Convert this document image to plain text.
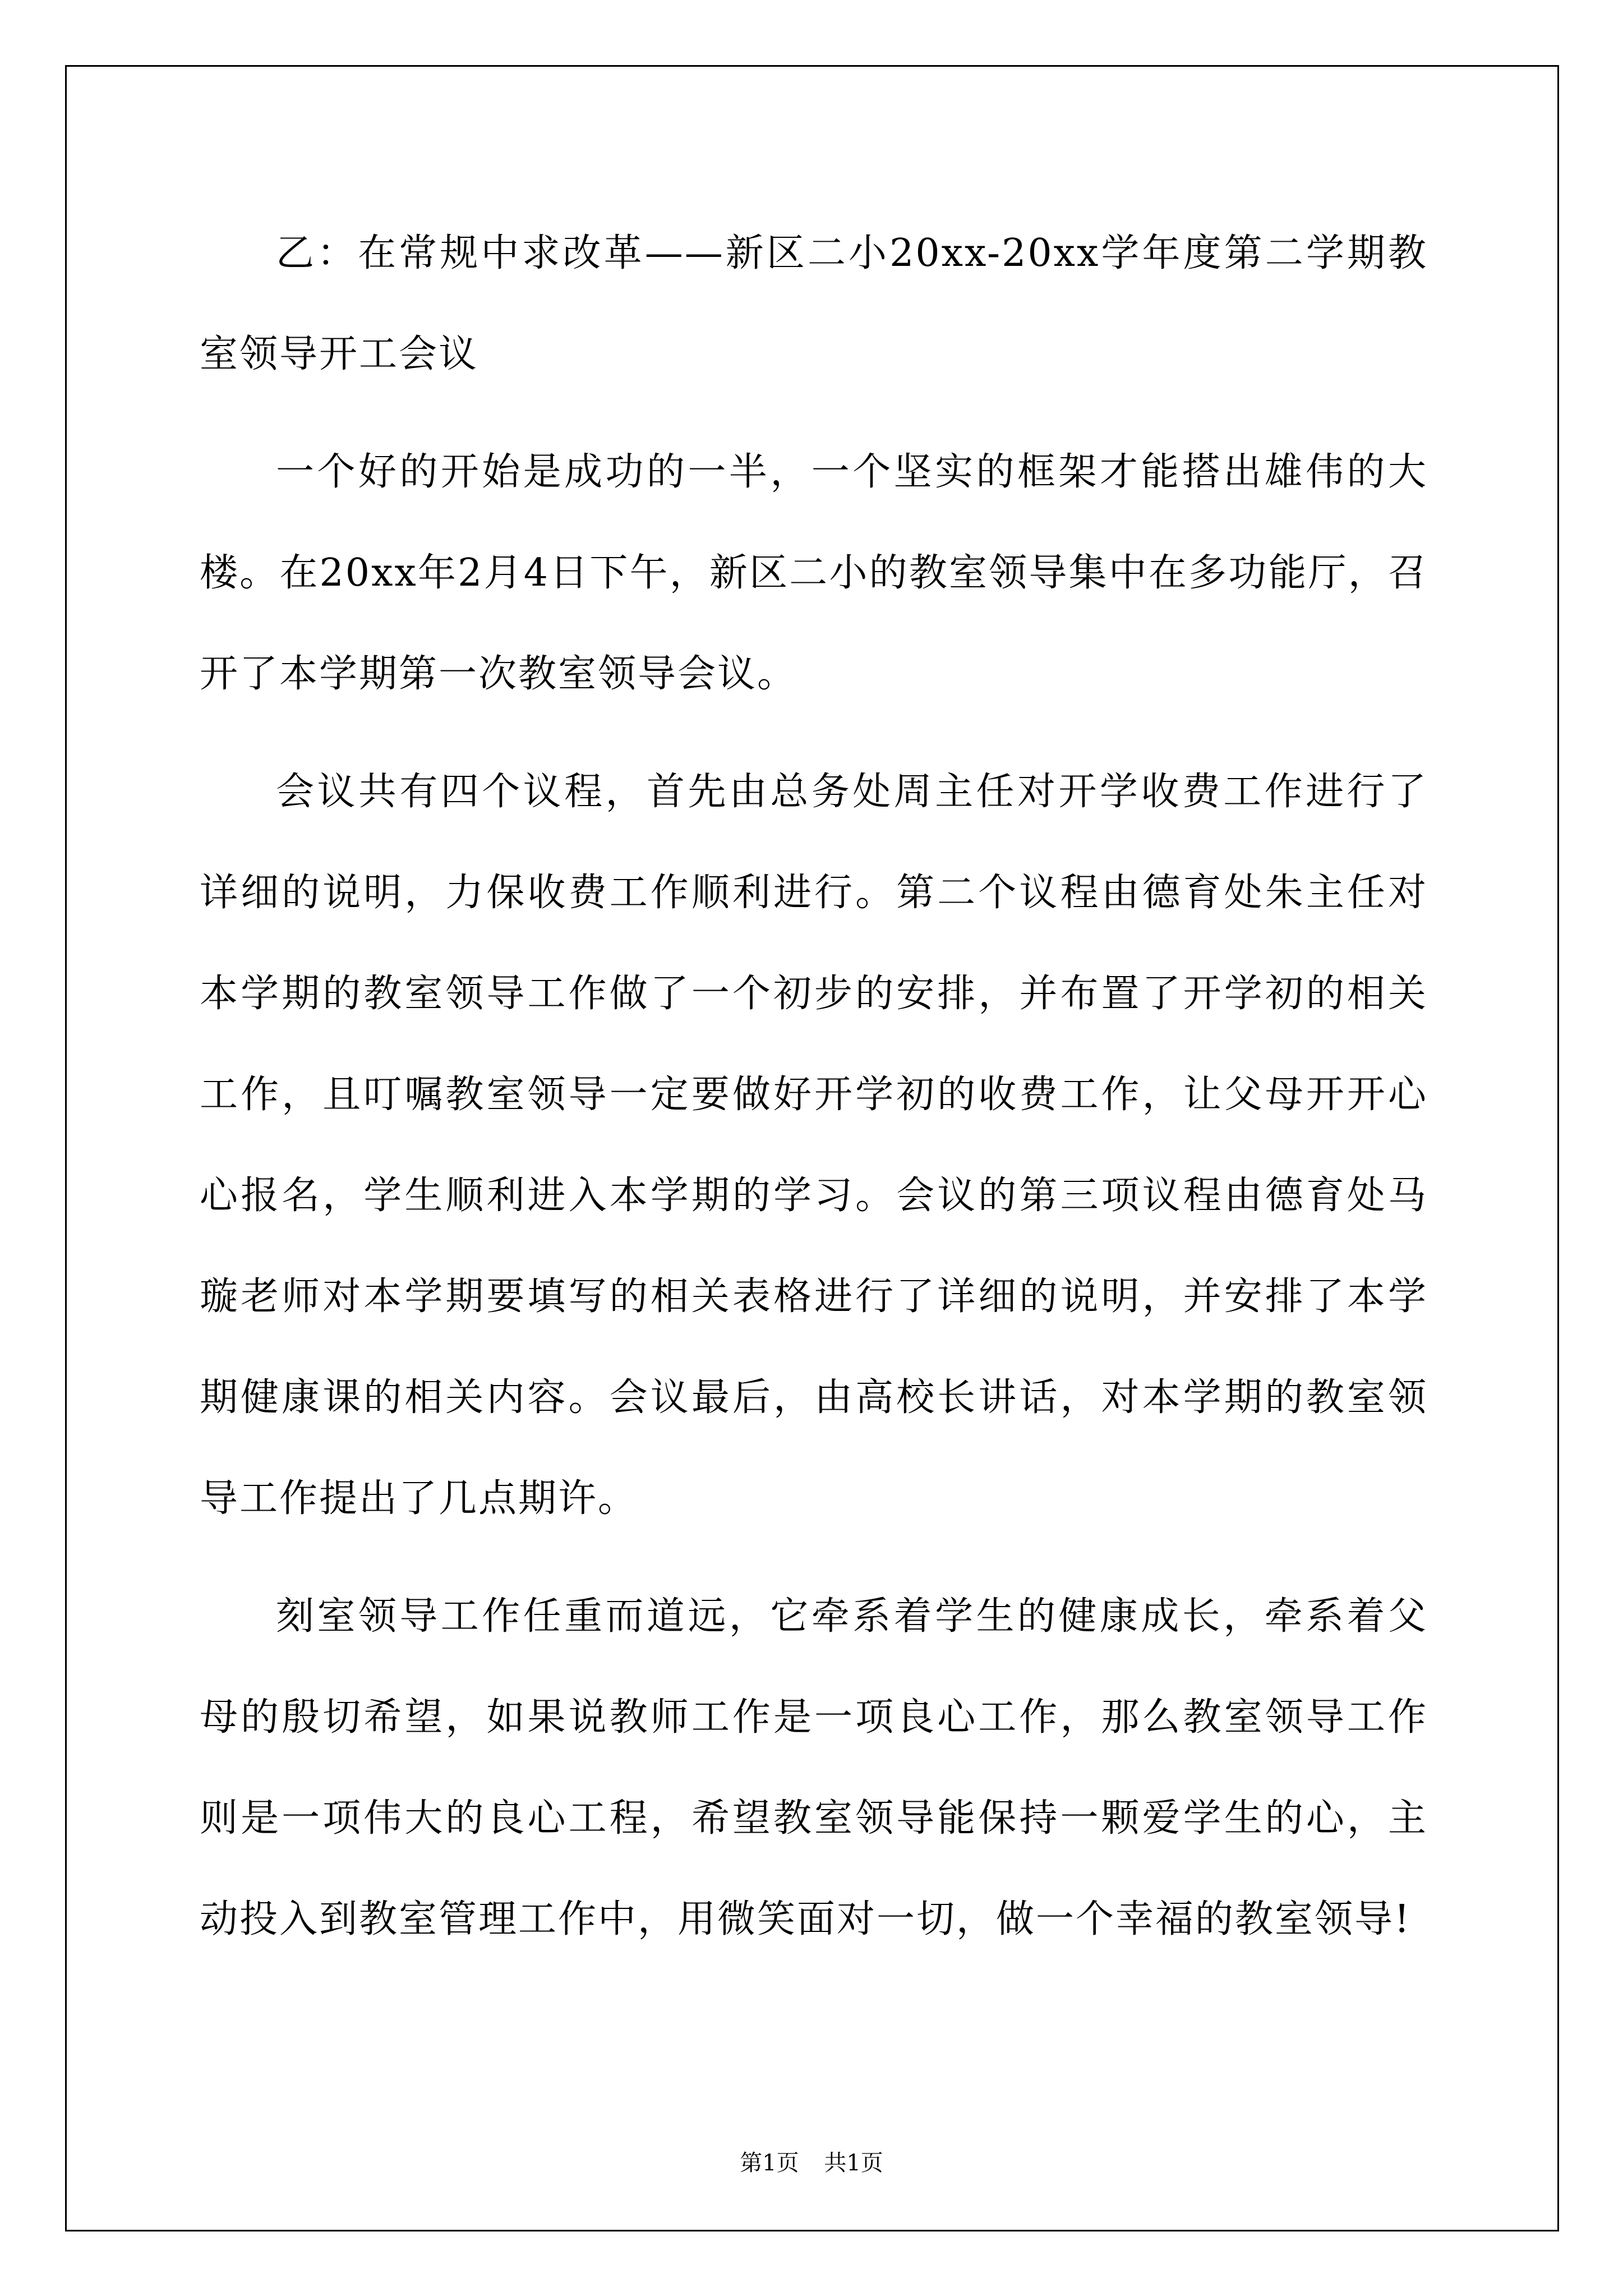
乙：在常规中求改革——新区二小20xx-20xx学年度第二学期教室领导开工会议

一个好的开始是成功的一半，一个坚实的框架才能搭出雄伟的大楼。在20xx年2月4日下午，新区二小的教室领导集中在多功能厅，召开了本学期第一次教室领导会议。

会议共有四个议程，首先由总务处周主任对开学收费工作进行了详细的说明，力保收费工作顺利进行。第二个议程由德育处朱主任对本学期的教室领导工作做了一个初步的安排，并布置了开学初的相关工作，且叮嘱教室领导一定要做好开学初的收费工作，让父母开开心心报名，学生顺利进入本学期的学习。会议的第三项议程由德育处马璇老师对本学期要填写的相关表格进行了详细的说明，并安排了本学期健康课的相关内容。会议最后，由高校长讲话，对本学期的教室领导工作提出了几点期许。

刻室领导工作任重而道远，它牵系着学生的健康成长，牵系着父母的殷切希望，如果说教师工作是一项良心工作，那么教室领导工作则是一项伟大的良心工程，希望教室领导能保持一颗爱学生的心，主动投入到教室管理工作中，用微笑面对一切，做一个幸福的教室领导!

第1页 共1页
